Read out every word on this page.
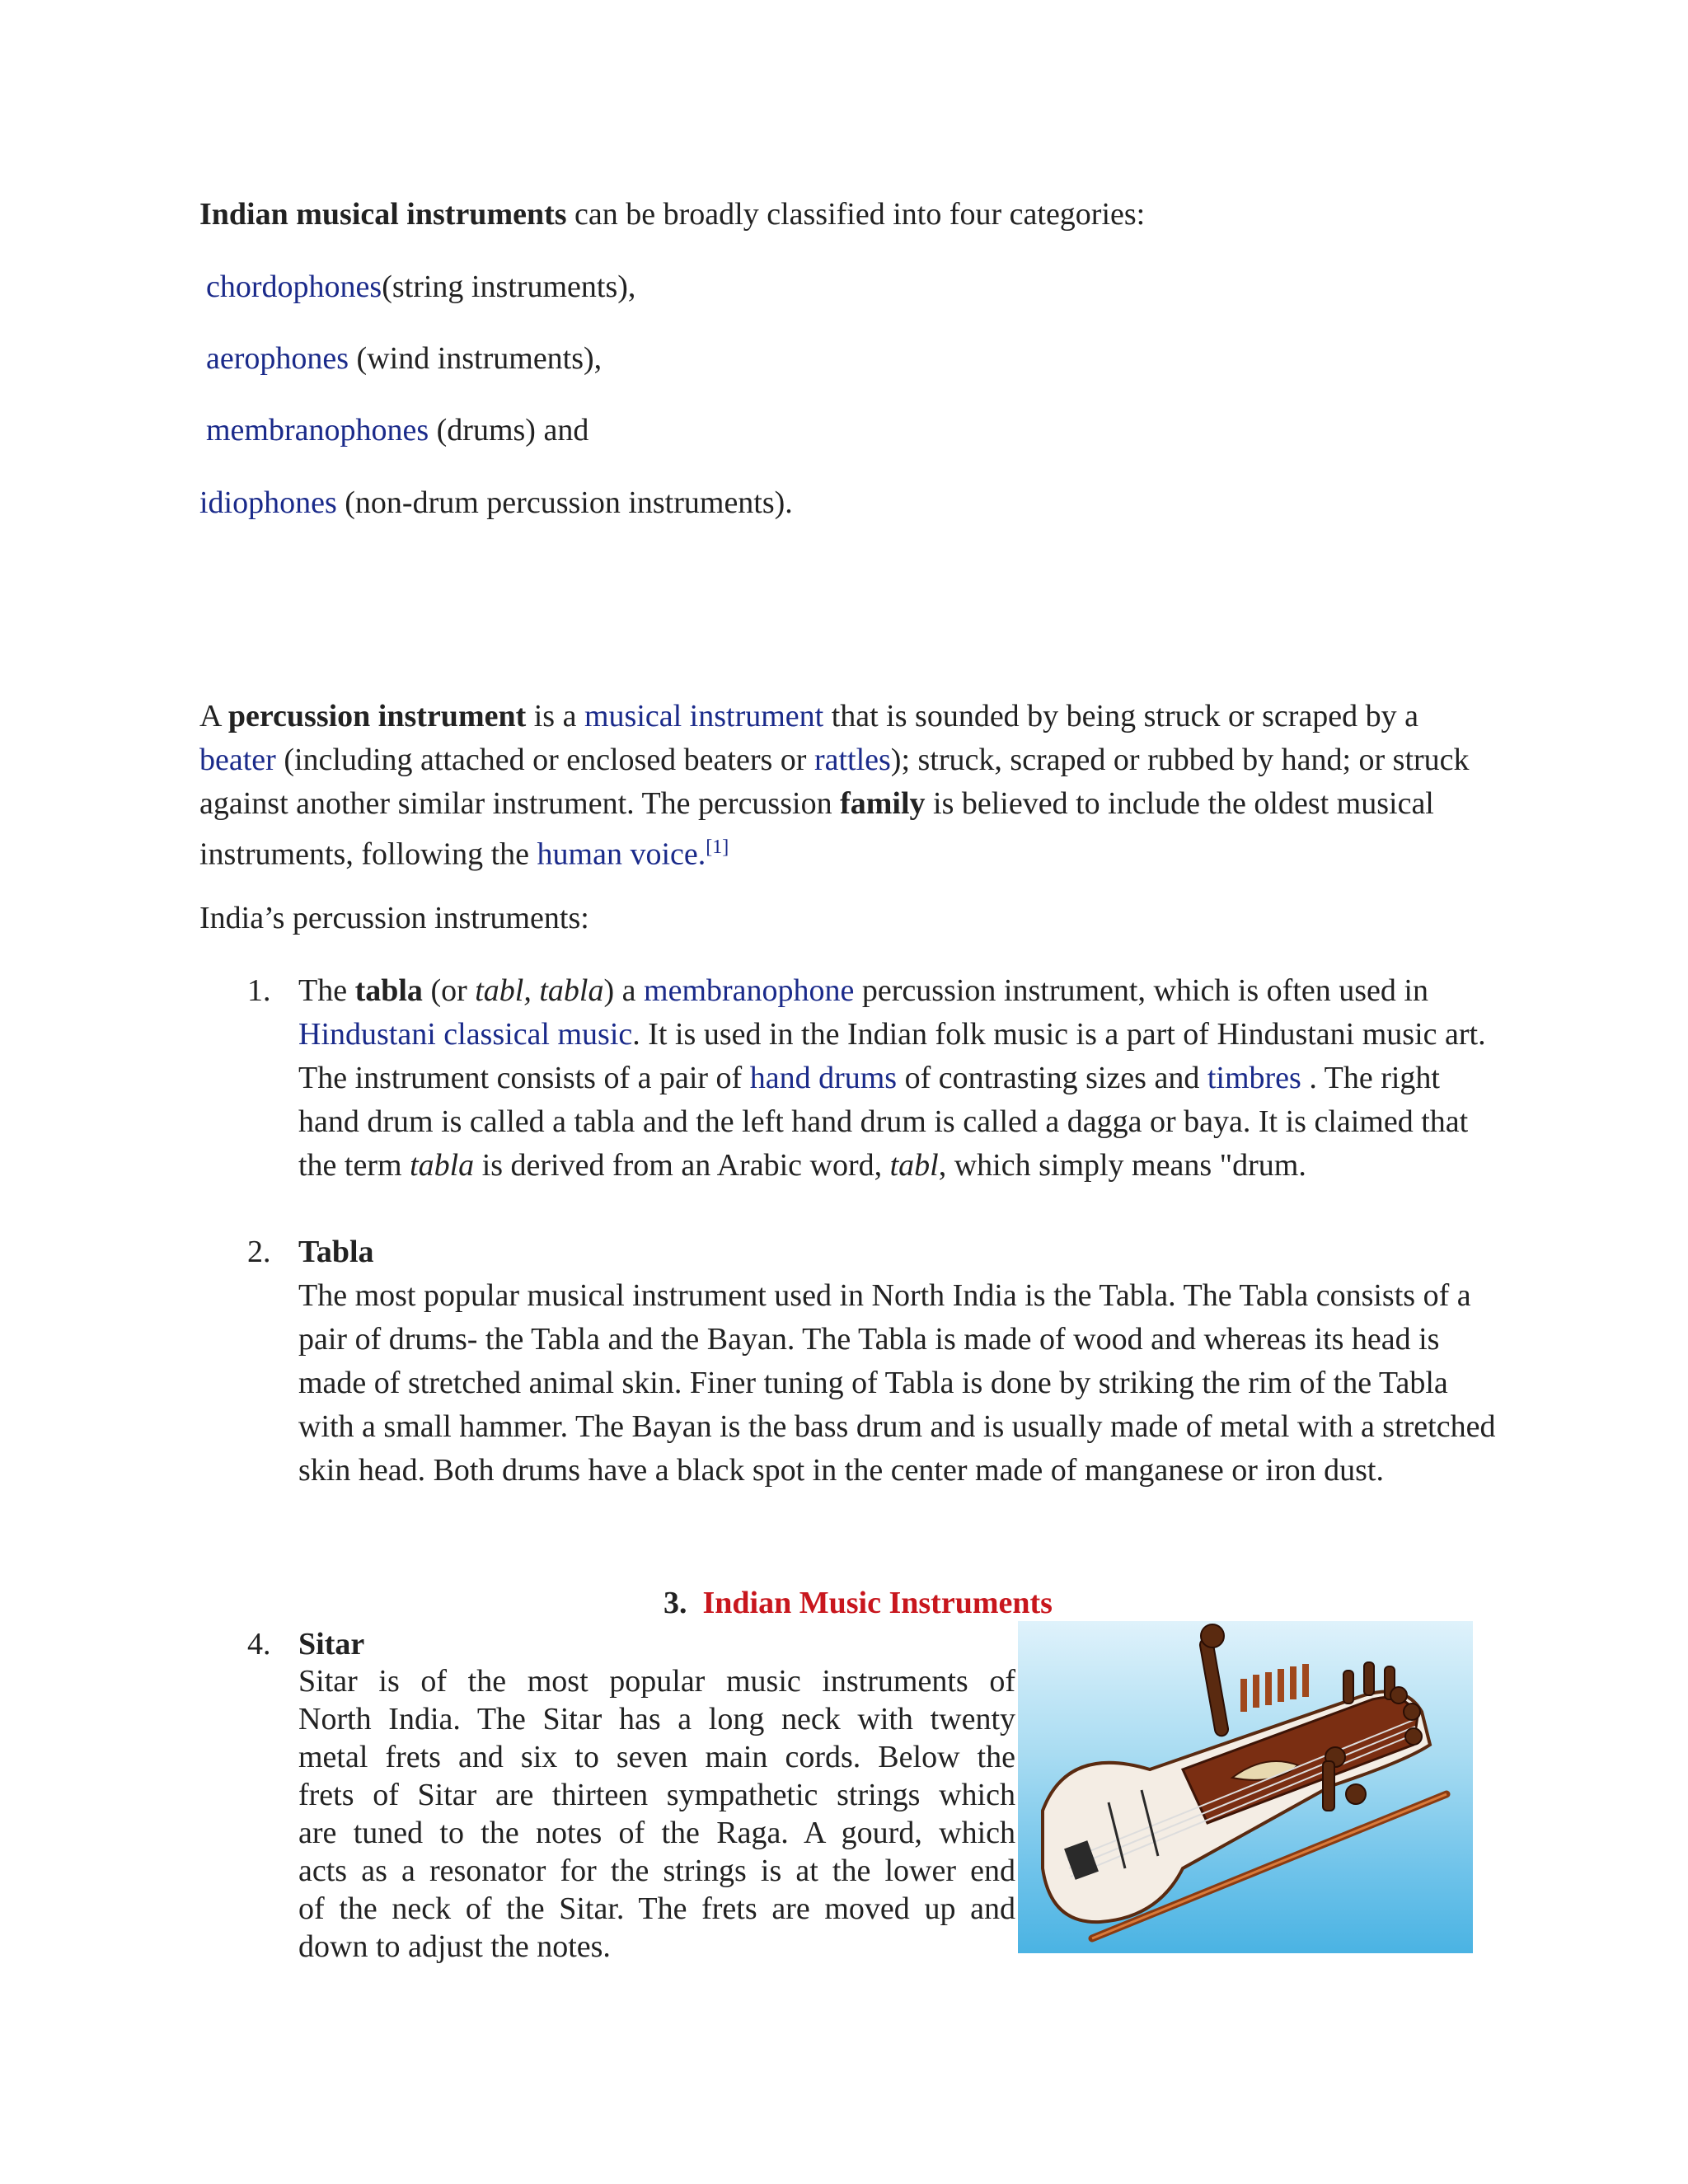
Indian musical instruments can be broadly classified into four categories:
chordophones(string instruments),
aerophones (wind instruments),
membranophones (drums) and
idiophones (non-drum percussion instruments).
A percussion instrument is a musical instrument that is sounded by being struck or scraped by a beater (including attached or enclosed beaters or rattles); struck, scraped or rubbed by hand; or struck against another similar instrument. The percussion family is believed to include the oldest musical instruments, following the human voice.[1]
India’s percussion instruments:
1. The tabla (or tabl, tabla) a membranophone percussion instrument, which is often used in Hindustani classical music. It is used in the Indian folk music is a part of Hindustani music art. The instrument consists of a pair of hand drums of contrasting sizes and timbres . The right hand drum is called a tabla and the left hand drum is called a dagga or baya. It is claimed that the term tabla is derived from an Arabic word, tabl, which simply means "drum.
2. Tabla
The most popular musical instrument used in North India is the Tabla. The Tabla consists of a pair of drums- the Tabla and the Bayan. The Tabla is made of wood and whereas its head is made of stretched animal skin. Finer tuning of Tabla is done by striking the rim of the Tabla with a small hammer. The Bayan is the bass drum and is usually made of metal with a stretched skin head. Both drums have a black spot in the center made of manganese or iron dust.
3. Indian Music Instruments
4. Sitar
Sitar is of the most popular music instruments of
North India. The Sitar has a long neck with twenty
metal frets and six to seven main cords. Below the
frets of Sitar are thirteen sympathetic strings which
are tuned to the notes of the Raga. A gourd, which
acts as a resonator for the strings is at the lower end
of the neck of the Sitar. The frets are moved up and
down to adjust the notes.
